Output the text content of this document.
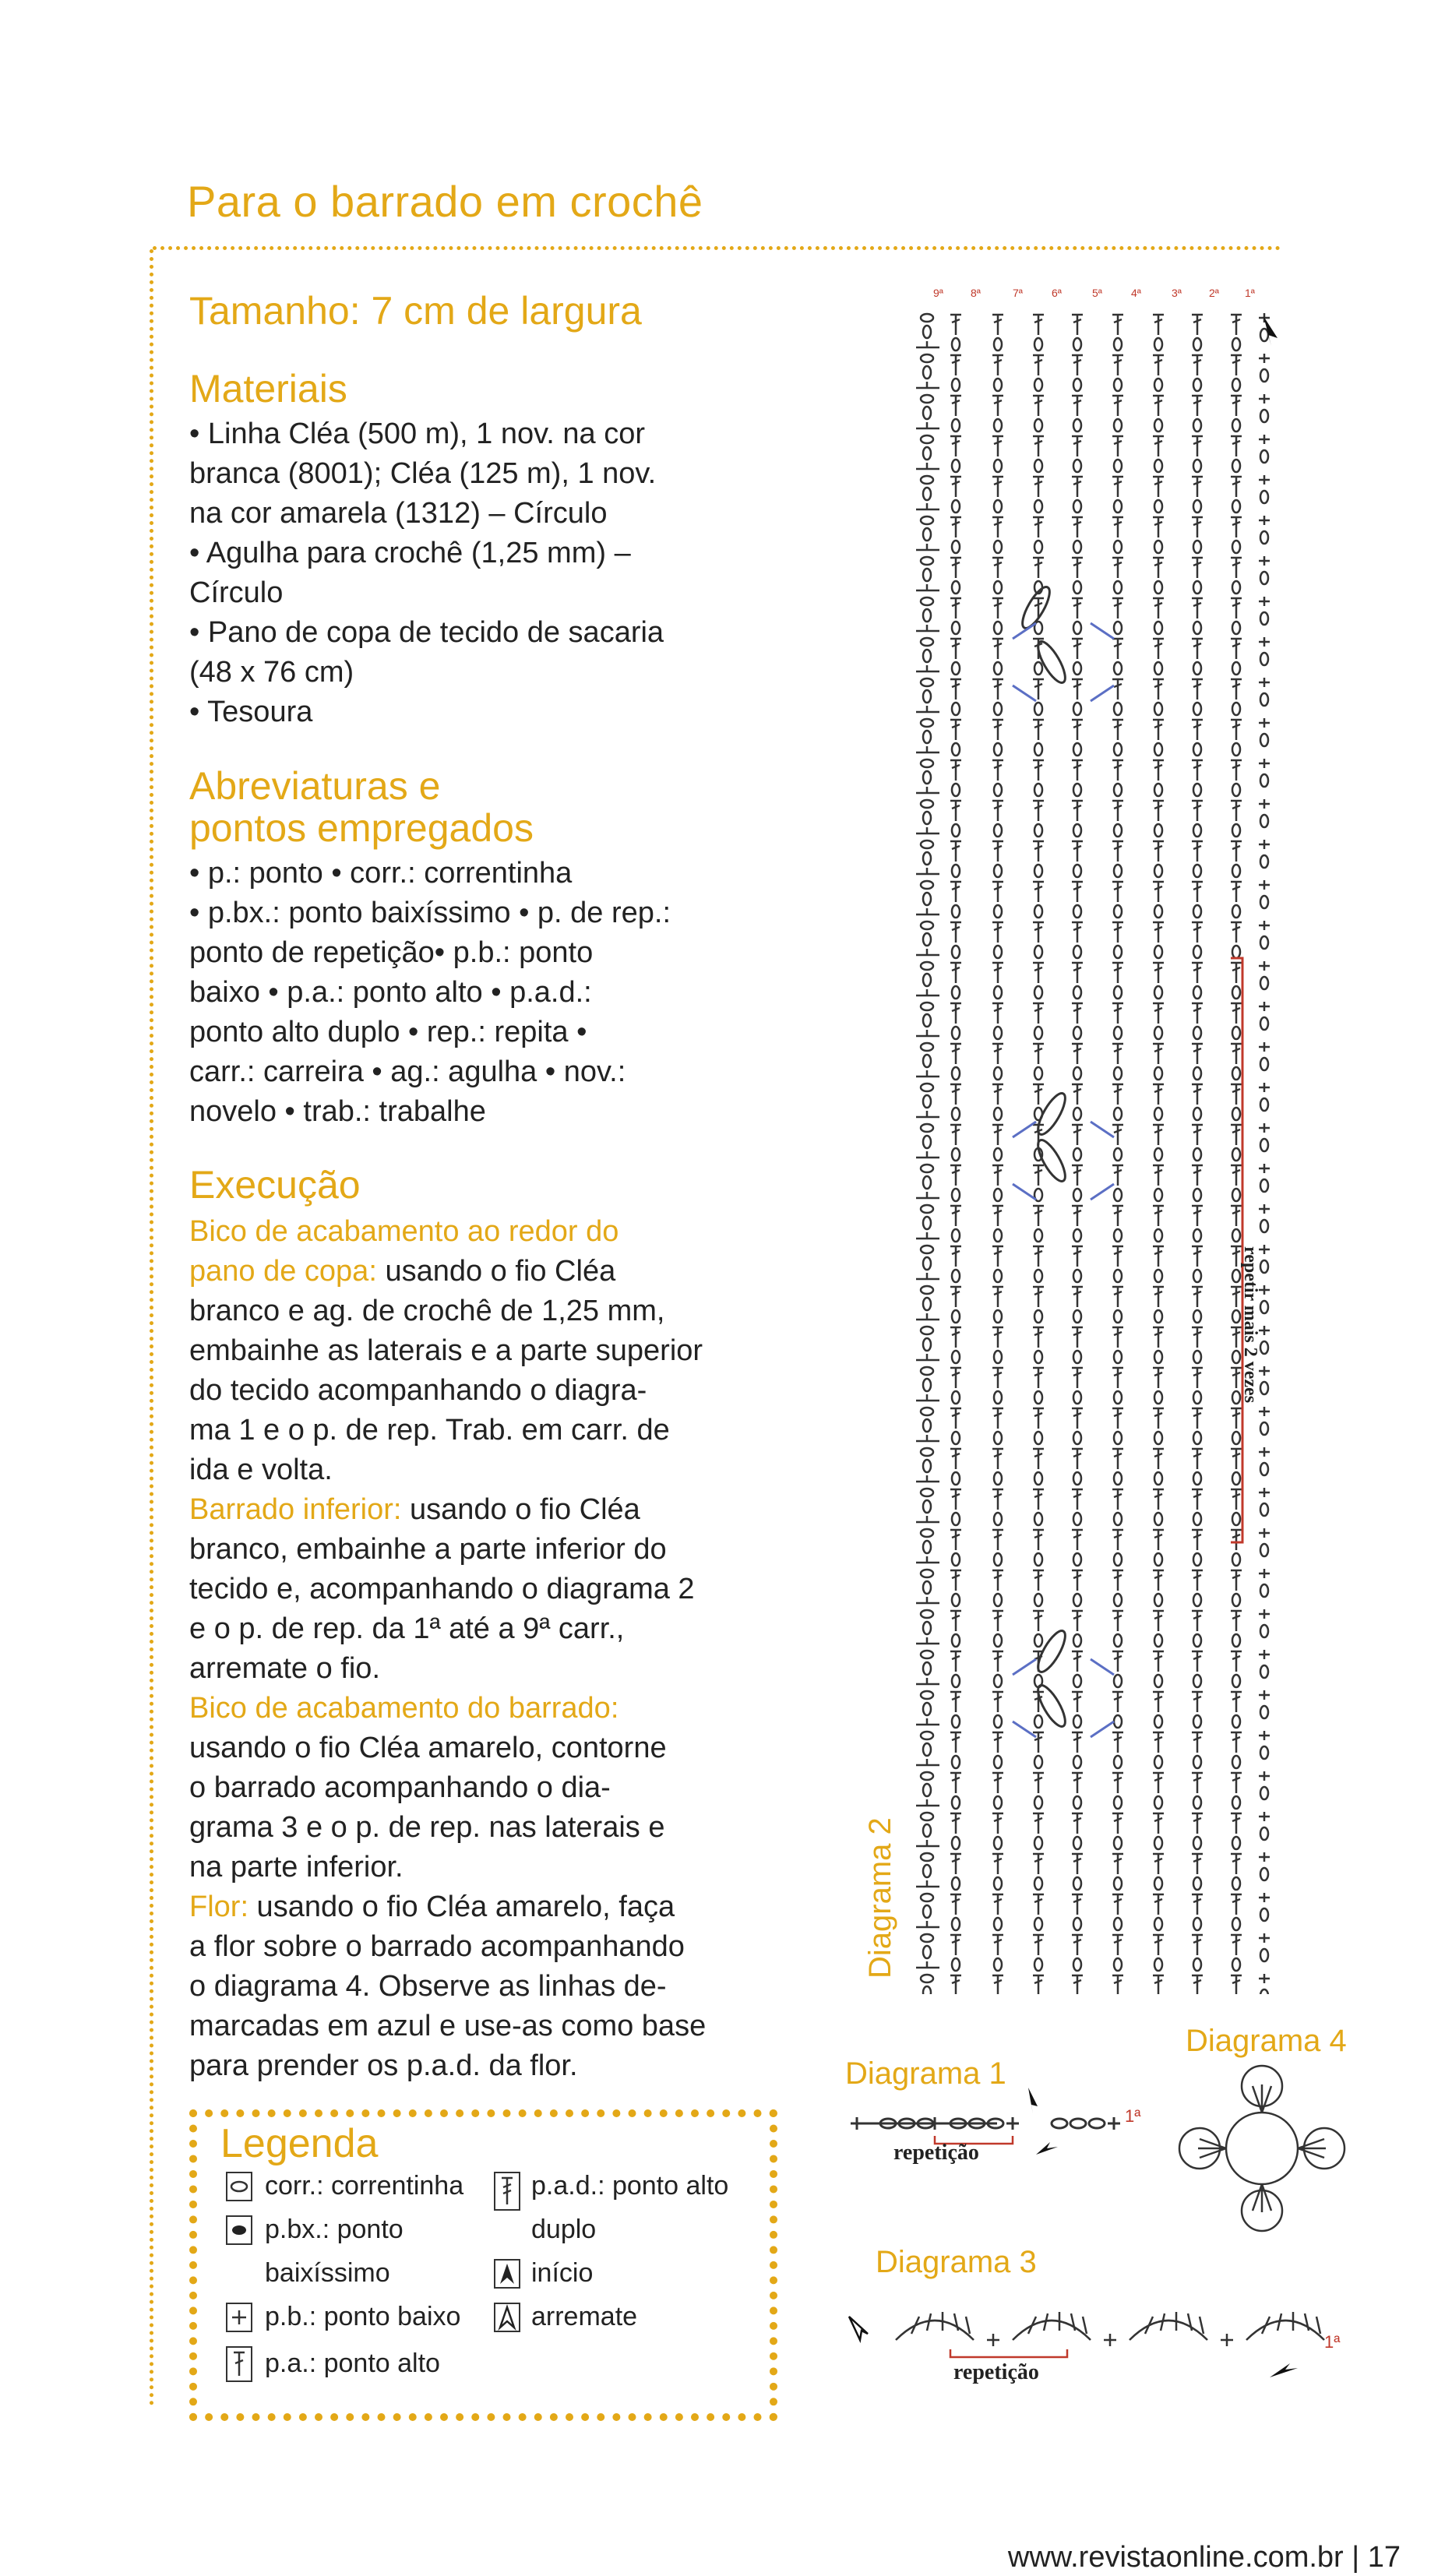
Para o barrado em crochê
Tamanho: 7 cm de largura
Materiais

• Linha Cléa (500 m), 1 nov. na cor

branca (8001); Cléa (125 m), 1 nov.

na cor amarela (1312) – Círculo

• Agulha para crochê (1,25 mm) –

Círculo

• Pano de copa de tecido de sacaria

(48 x 76 cm)

• Tesoura

Abreviaturas e
pontos empregados

• p.: ponto • corr.: correntinha

• p.bx.: ponto baixíssimo • p. de rep.:

ponto de repetição• p.b.: ponto

baixo • p.a.: ponto alto • p.a.d.:

ponto alto duplo • rep.: repita •

carr.: carreira • ag.: agulha • nov.:

novelo • trab.: trabalhe

Execução

Bico de acabamento ao redor do

pano de copa: usando o fio Cléa

branco e ag. de crochê de 1,25 mm,

embainhe as laterais e a parte superior

do tecido acompanhando o diagra-

ma 1 e o p. de rep. Trab. em carr. de

ida e volta.

Barrado inferior: usando o fio Cléa

branco, embainhe a parte inferior do

tecido e, acompanhando o diagrama 2

e o p. de rep. da 1ª até a 9ª carr.,

arremate o fio.

Bico de acabamento do barrado:

usando o fio Cléa amarelo, contorne

o barrado acompanhando o dia-

grama 3 e o p. de rep. nas laterais e

na parte inferior.

Flor: usando o fio Cléa amarelo, faça

a flor sobre o barrado acompanhando

o diagrama 4. Observe as linhas de-

marcadas em azul e use-as como base

para prender os p.a.d. da flor.

Legenda
corr.: correntinha
p.bx.: ponto
baixíssimo
p.b.: ponto baixo
p.a.: ponto alto
p.a.d.: ponto alto
duplo
início
arremate
Diagrama 2
9ª	8ª	7ª	6ª	5ª	4ª	3ª	2ª 1ª
repetir mais 2 vezes
Diagrama 1
repetição
1ª
Diagrama 4
Diagrama 3
repetição
1ª
www.revistaonline.com.br | 17
